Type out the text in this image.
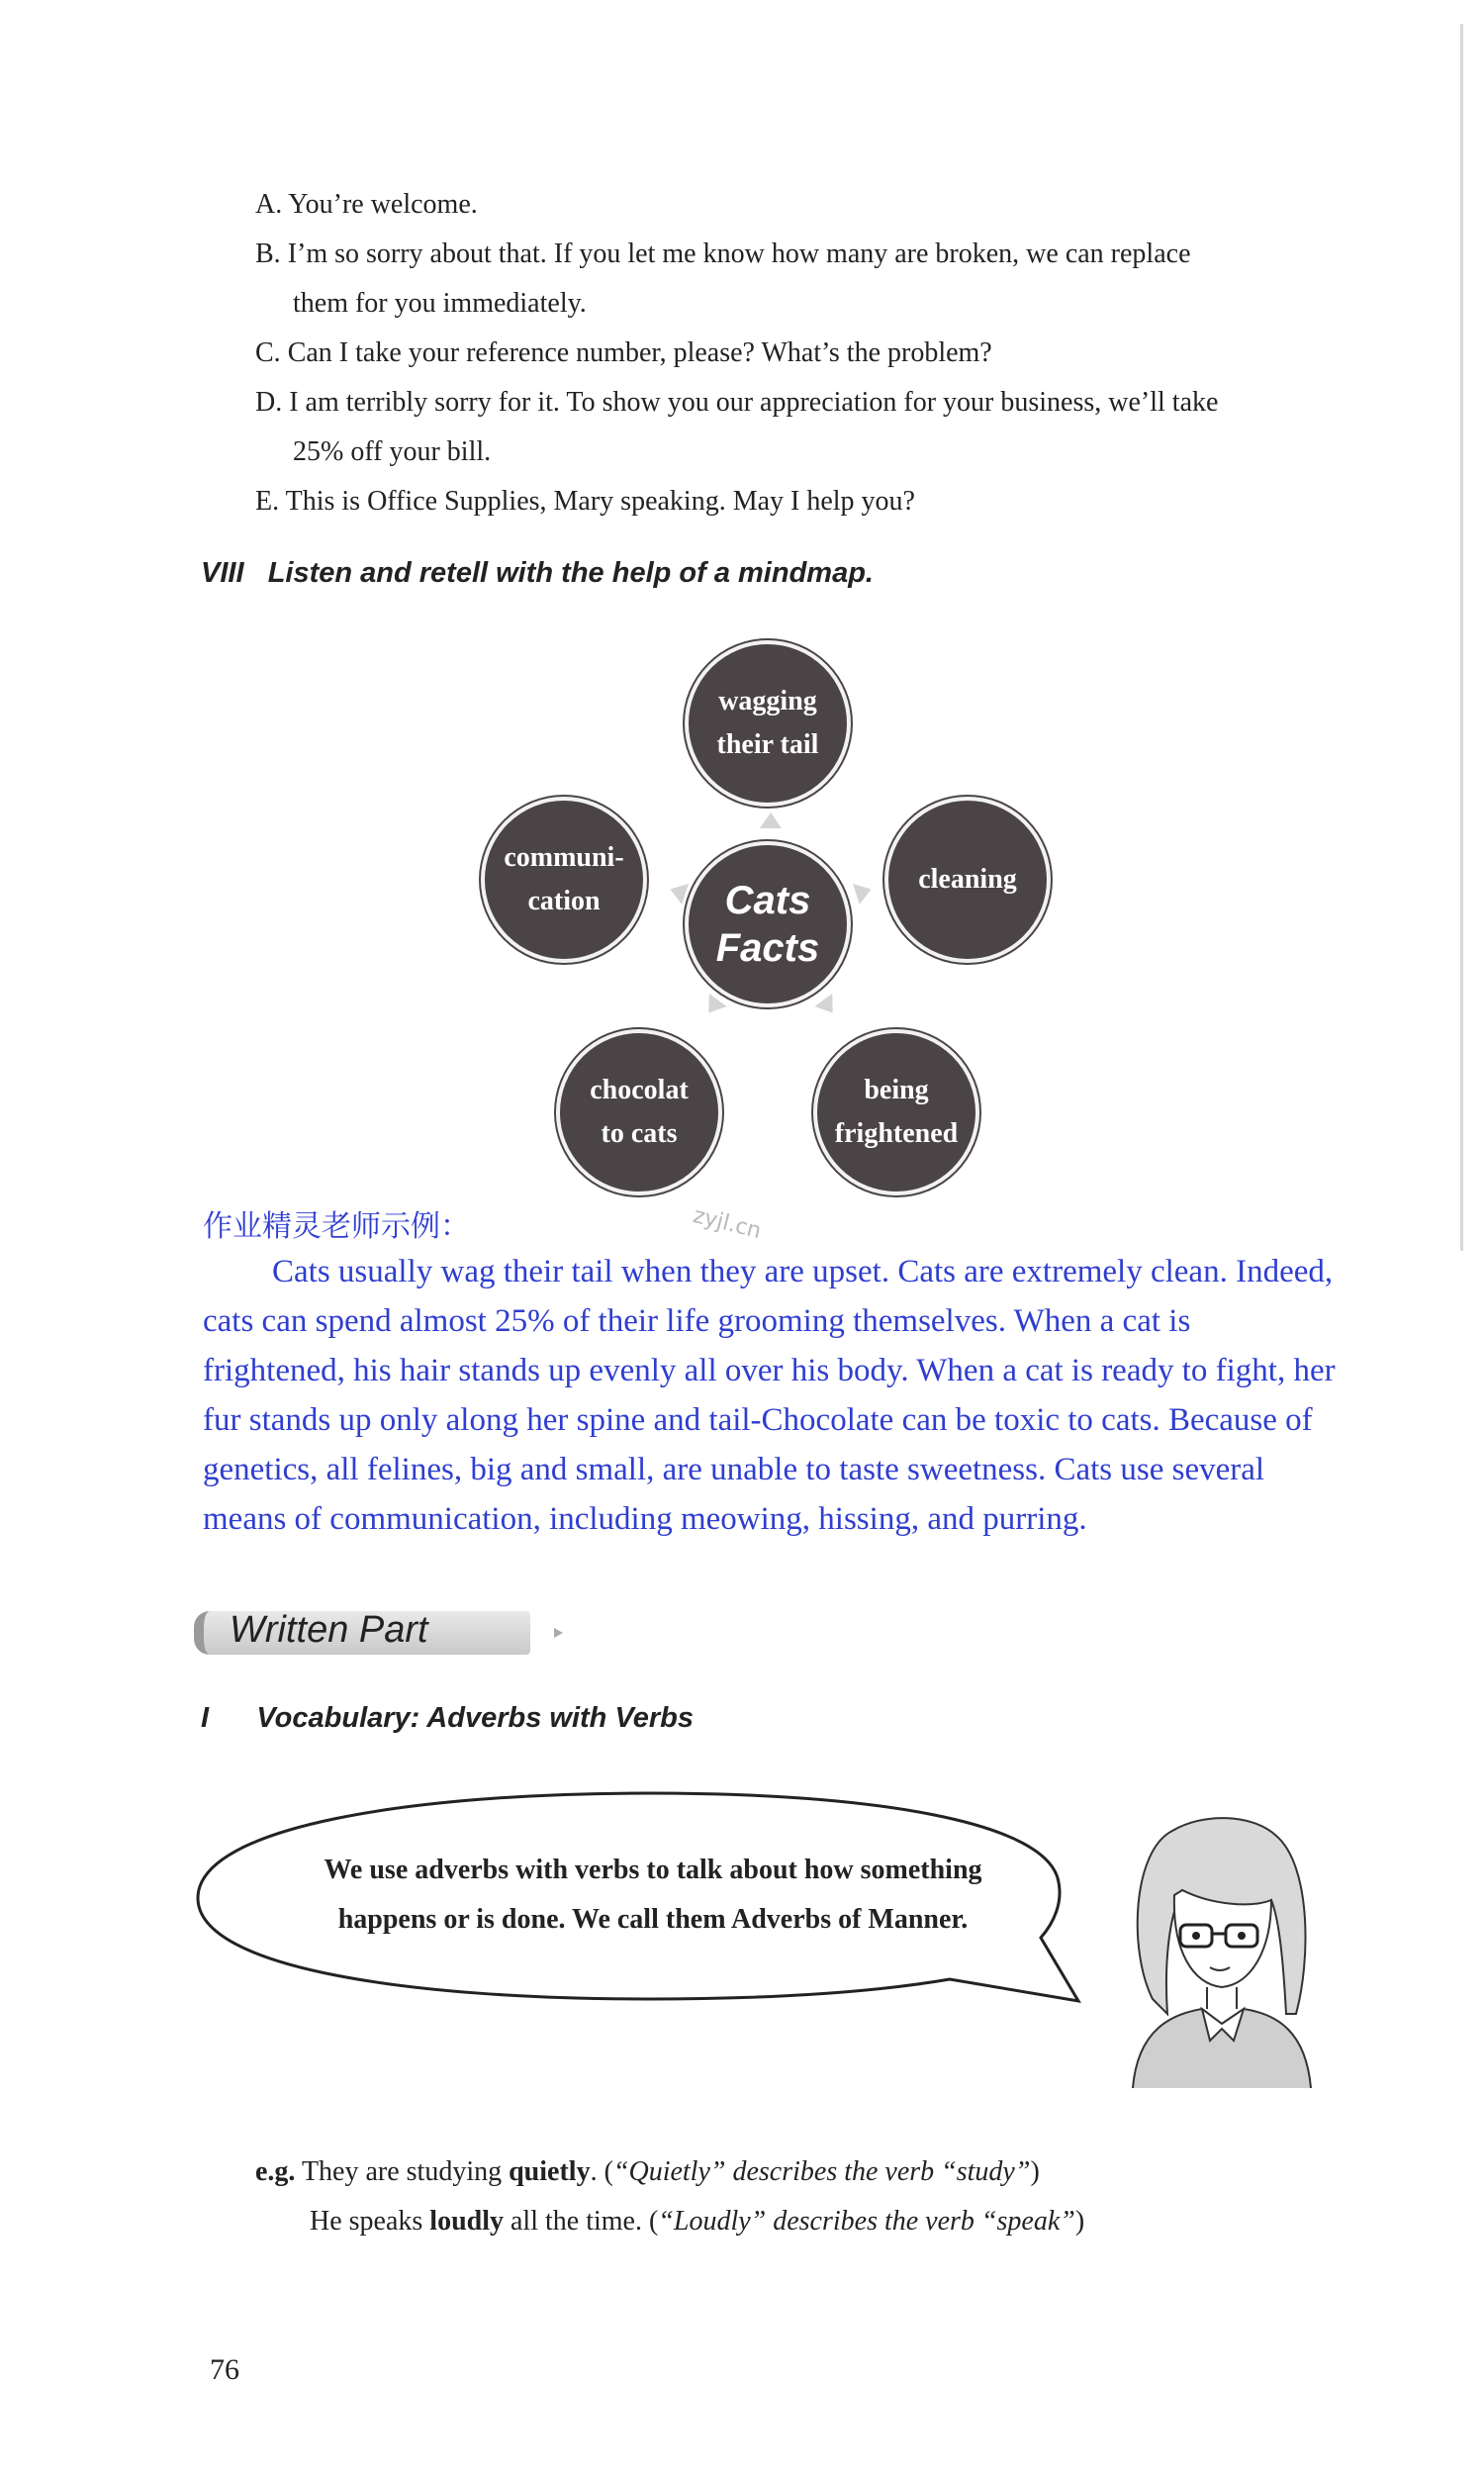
A. You’re welcome.

B. I’m so sorry about that. If you let me know how many are broken, we can replace
them for you immediately.

C. Can I take your reference number, please? What’s the problem?

D. I am terribly sorry for it. To show you our appreciation for your business, we’ll take
25% off your bill.

E. This is Office Supplies, Mary speaking. May I help you?

VIII Listen and retell with the help of a mindmap.
wagging
their tail
cleaning
being
frightened
chocolat
to cats
communi-
cation	Cats
Facts
作业精灵老师示例：	zyjl.cn

Cats usually wag their tail when they are upset. Cats are extremely clean. Indeed, cats can spend almost 25% of their life grooming themselves. When a cat is frightened, his hair stands up evenly all over his body. When a cat is ready to fight, her fur stands up only along her spine and tail-Chocolate can be toxic to cats. Because of genetics, all felines, big and small, are unable to taste sweetness. Cats use several means of communication, including meowing, hissing, and purring.

Written Part
I Vocabulary: Adverbs with Verbs

We use adverbs with verbs to talk about how something
happens or is done. We call them Adverbs of Manner.

e.g. They are studying quietly. (“Quietly” describes the verb “study”)
He speaks loudly all the time. (“Loudly” describes the verb “speak”)
76
